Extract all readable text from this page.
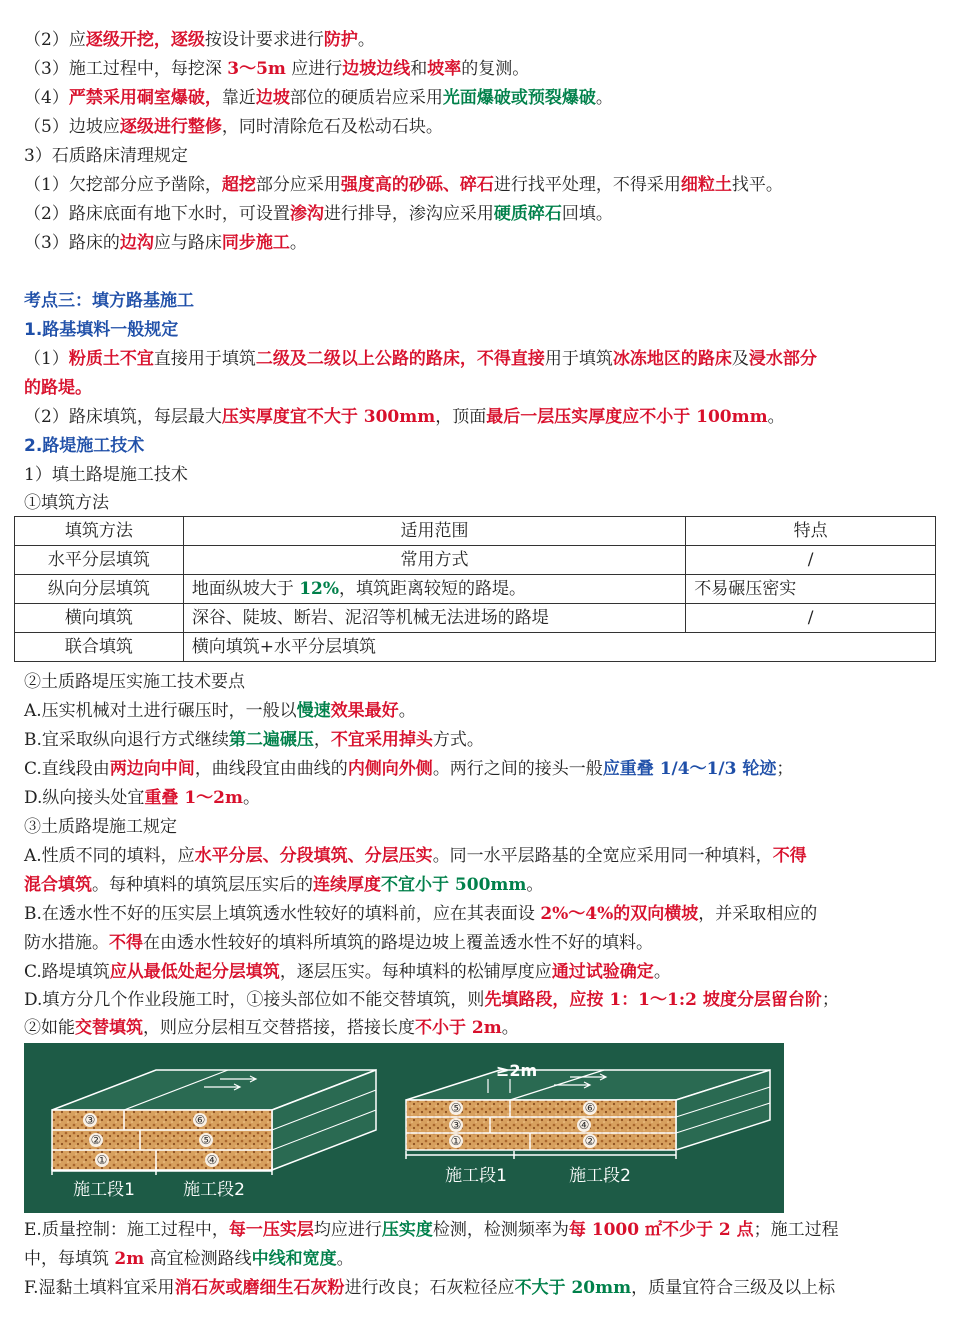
（2）应逐级开挖，逐级按设计要求进行防护。
（3）施工过程中，每挖深 3～5m 应进行边坡边线和坡率的复测。
（4）严禁采用硐室爆破，靠近边坡部位的硬质岩应采用光面爆破或预裂爆破。
（5）边坡应逐级进行整修，同时清除危石及松动石块。
3）石质路床清理规定
（1）欠挖部分应予凿除，超挖部分应采用强度高的砂砾、碎石进行找平处理，不得采用细粒土找平。
（2）路床底面有地下水时，可设置渗沟进行排导，渗沟应采用硬质碎石回填。
（3）路床的边沟应与路床同步施工。
考点三：填方路基施工
1.路基填料一般规定
（1）粉质土不宜直接用于填筑二级及二级以上公路的路床，不得直接用于填筑冰冻地区的路床及浸水部分
的路堤。
（2）路床填筑，每层最大压实厚度宜不大于 300mm，顶面最后一层压实厚度应不小于 100mm。
2.路堤施工技术
1）填土路堤施工技术
①填筑方法
填筑方法	适用范围	特点
水平分层填筑	常用方式	/
纵向分层填筑	地面纵坡大于 12%，填筑距离较短的路堤。	不易碾压密实
横向填筑	深谷、陡坡、断岩、泥沼等机械无法进场的路堤	/
联合填筑	横向填筑+水平分层填筑	
②土质路堤压实施工技术要点
A.压实机械对土进行碾压时，一般以慢速效果最好。
B.宜采取纵向退行方式继续第二遍碾压，不宜采用掉头方式。
C.直线段由两边向中间，曲线段宜由曲线的内侧向外侧。两行之间的接头一般应重叠 1/4～1/3 轮迹；
D.纵向接头处宜重叠 1～2m。
③土质路堤施工规定
A.性质不同的填料，应水平分层、分段填筑、分层压实。同一水平层路基的全宽应采用同一种填料，不得
混合填筑。每种填料的填筑层压实后的连续厚度不宜小于 500mm。
B.在透水性不好的压实层上填筑透水性较好的填料前，应在其表面设 2%～4%的双向横坡，并采取相应的
防水措施。不得在由透水性较好的填料所填筑的路堤边坡上覆盖透水性不好的填料。
C.路堤填筑应从最低处起分层填筑，逐层压实。每种填料的松铺厚度应通过试验确定。
D.填方分几个作业段施工时，①接头部位如不能交替填筑，则先填路段，应按 1：1～1:2 坡度分层留台阶；
②如能交替填筑，则应分层相互交替搭接，搭接长度不小于 2m。
③
②
①
⑥
⑤
④
施工段1	施工段2
≥2m
⑤
③
①
⑥
④
②
施工段1	施工段2
E.质量控制：施工过程中，每一压实层均应进行压实度检测，检测频率为每 1000 ㎡不少于 2 点；施工过程
中，每填筑 2m 高宜检测路线中线和宽度。
F.湿黏土填料宜采用消石灰或磨细生石灰粉进行改良；石灰粒径应不大于 20mm，质量宜符合三级及以上标
